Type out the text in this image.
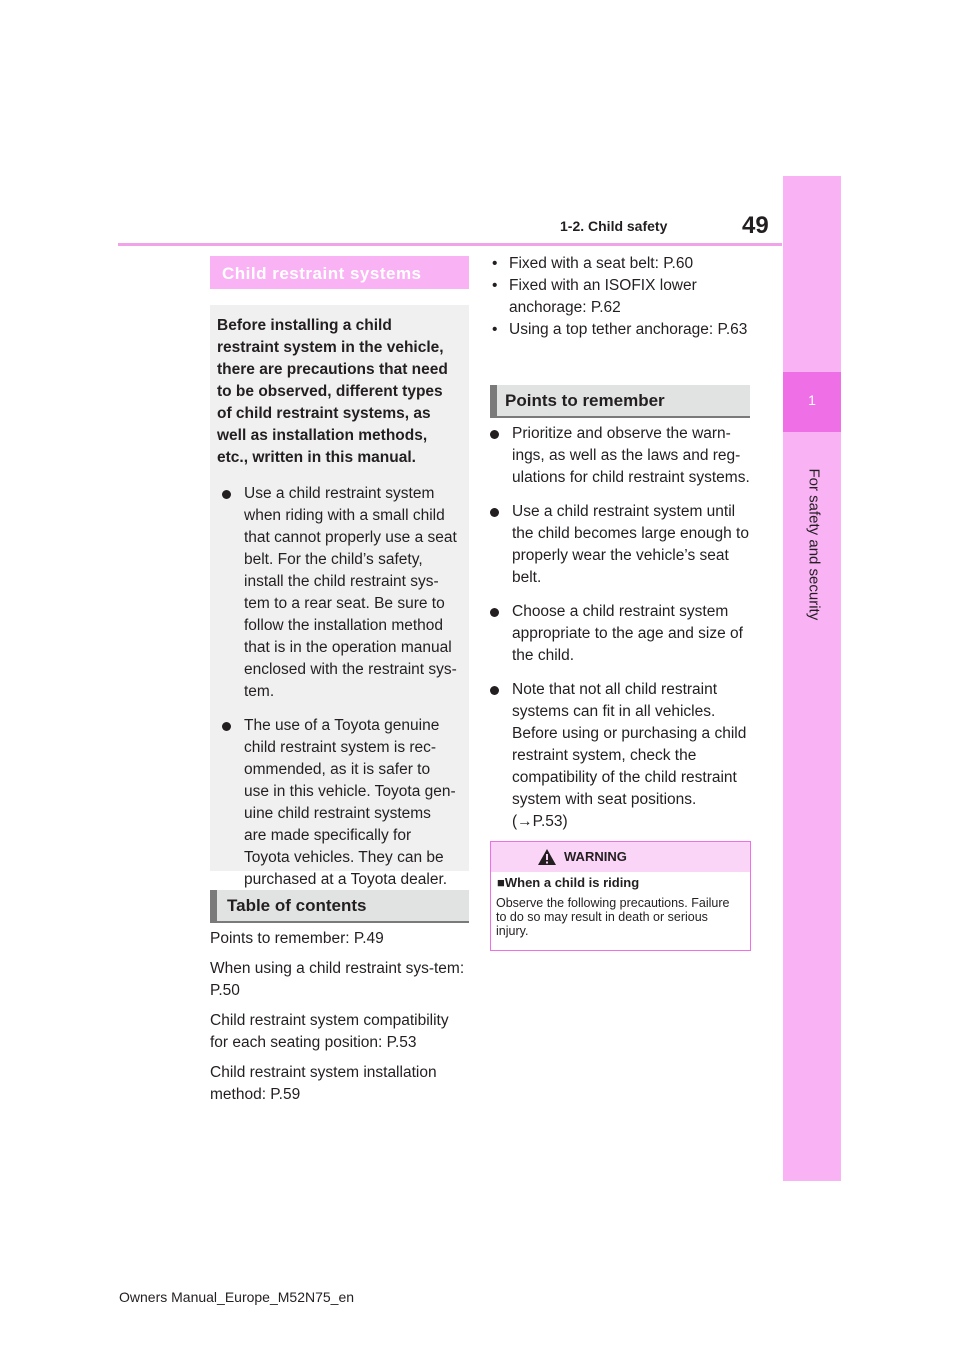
1-2. Child safety	49
1
For safety and security
Child restraint systems

Before installing a child restraint system in the vehicle, there are precautions that need to be observed, different types of child restraint systems, as well as installation methods, etc., written in this manual.

Use a child restraint system when riding with a small child that cannot properly use a seat belt. For the child’s safety, install the child restraint sys-tem to a rear seat. Be sure to follow the installation method that is in the operation manual enclosed with the restraint sys-tem.
The use of a Toyota genuine child restraint system is rec-ommended, as it is safer to use in this vehicle. Toyota gen-uine child restraint systems are made specifically for Toyota vehicles. They can be purchased at a Toyota dealer.
Table of contents

Points to remember: P.49

When using a child restraint sys-tem: P.50

Child restraint system compatibility for each seating position: P.53

Child restraint system installation method: P.59

• Fixed with a seat belt: P.60
• Fixed with an ISOFIX lower anchorage: P.62
• Using a top tether anchorage: P.63
Points to remember
Prioritize and observe the warn-ings, as well as the laws and reg-ulations for child restraint systems.
Use a child restraint system until the child becomes large enough to properly wear the vehicle’s seat belt.
Choose a child restraint system appropriate to the age and size of the child.
Note that not all child restraint systems can fit in all vehicles. Before using or purchasing a child restraint system, check the compatibility of the child restraint system with seat positions. (→P.53)
WARNING
■When a child is riding
Observe the following precautions. Failure to do so may result in death or serious injury.
Owners Manual_Europe_M52N75_en
